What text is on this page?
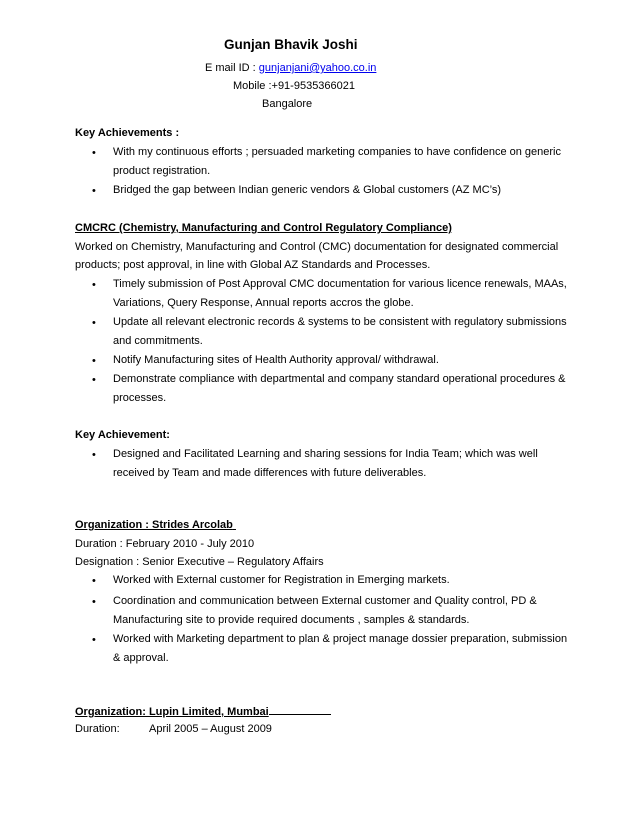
Gunjan Bhavik Joshi
E mail ID : gunjanjani@yahoo.co.in
Mobile :+91-9535366021
Bangalore
Key Achievements :
• With my continuous efforts ; persuaded marketing companies to have confidence on generic product registration.
• Bridged the gap between Indian generic vendors & Global customers (AZ MC’s)
CMCRC (Chemistry, Manufacturing and Control Regulatory Compliance)
Worked on Chemistry, Manufacturing and Control (CMC) documentation for designated commercial
products; post approval, in line with Global AZ Standards and Processes.
• Timely submission of Post Approval CMC documentation for various licence renewals, MAAs, Variations, Query Response, Annual reports accros the globe.
• Update all relevant electronic records & systems to be consistent with regulatory submissions and commitments.
• Notify Manufacturing sites of Health Authority approval/ withdrawal.
• Demonstrate compliance with departmental and company standard operational procedures & processes.
Key Achievement:
• Designed and Facilitated Learning and sharing sessions for India Team; which was well received by Team and made differences with future deliverables.
Organization : Strides Arcolab
Duration : February 2010 - July 2010
Designation : Senior Executive – Regulatory Affairs
• Worked with External customer for Registration in Emerging markets.
• Coordination and communication between External customer and Quality control, PD & Manufacturing site to provide required documents , samples & standards.
• Worked with Marketing department to plan & project manage dossier preparation, submission & approval.
Organization: Lupin Limited, Mumbai
Duration:	April 2005 – August 2009
